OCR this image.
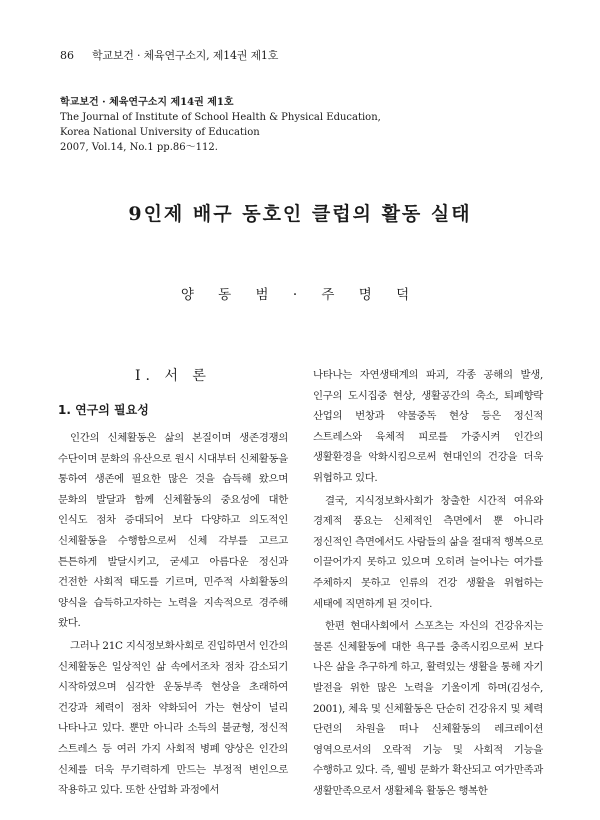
86	학교보건 · 체육연구소지, 제14권 제1호
학교보건 · 체육연구소지 제14권 제1호
The Journal of Institute of School Health & Physical Education,
Korea National University of Education
2007, Vol.14, No.1 pp.86～112.
9인제 배구 동호인 클럽의 활동 실태
양 동 범 · 주 명 덕
I. 서 론
1. 연구의 필요성

인간의 신체활동은 삶의 본질이며 생존경쟁의 수단이며 문화의 유산으로 원시 시대부터 신체활동을 통하여 생존에 필요한 많은 것을 습득해 왔으며 문화의 발달과 함께 신체활동의 중요성에 대한 인식도 점차 증대되어 보다 다양하고 의도적인 신체활동을 수행함으로써 신체 각부를 고르고 튼튼하게 발달시키고, 굳세고 아름다운 정신과 건전한 사회적 태도를 기르며, 민주적 사회활동의 양식을 습득하고자하는 노력을 지속적으로 경주해 왔다.

그러나 21C 지식정보화사회로 진입하면서 인간의 신체활동은 일상적인 삶 속에서조차 점차 감소되기 시작하였으며 심각한 운동부족 현상을 초래하여 건강과 체력이 점차 약화되어 가는 현상이 널리 나타나고 있다. 뿐만 아니라 소득의 불균형, 정신적 스트레스 등 여러 가지 사회적 병폐 양상은 인간의 신체를 더욱 무기력하게 만드는 부정적 변인으로 작용하고 있다. 또한 산업화 과정에서

나타나는 자연생태계의 파괴, 각종 공해의 발생, 인구의 도시집중 현상, 생활공간의 축소, 퇴폐향락 산업의 번창과 약물중독 현상 등은 정신적 스트레스와 육체적 피로를 가중시켜 인간의 생활환경을 악화시킴으로써 현대인의 건강을 더욱 위협하고 있다.

결국, 지식정보화사회가 창출한 시간적 여유와 경제적 풍요는 신체적인 측면에서 뿐 아니라 정신적인 측면에서도 사람들의 삶을 절대적 행복으로 이끌어가지 못하고 있으며 오히려 늘어나는 여가를 주체하지 못하고 인류의 건강 생활을 위협하는 세태에 직면하게 된 것이다.

한편 현대사회에서 스포츠는 자신의 건강유지는 물론 신체활동에 대한 욕구를 충족시킴으로써 보다 나은 삶을 추구하게 하고, 활력있는 생활을 통해 자기 발전을 위한 많은 노력을 기울이게 하며(김성수, 2001), 체육 및 신체활동은 단순히 건강유지 및 체력 단련의 차원을 떠나 신체활동의 레크레이션 영역으로서의 오락적 기능 및 사회적 기능을 수행하고 있다. 즉, 웰빙 문화가 확산되고 여가만족과 생활만족으로서 생활체육 활동은 행복한
